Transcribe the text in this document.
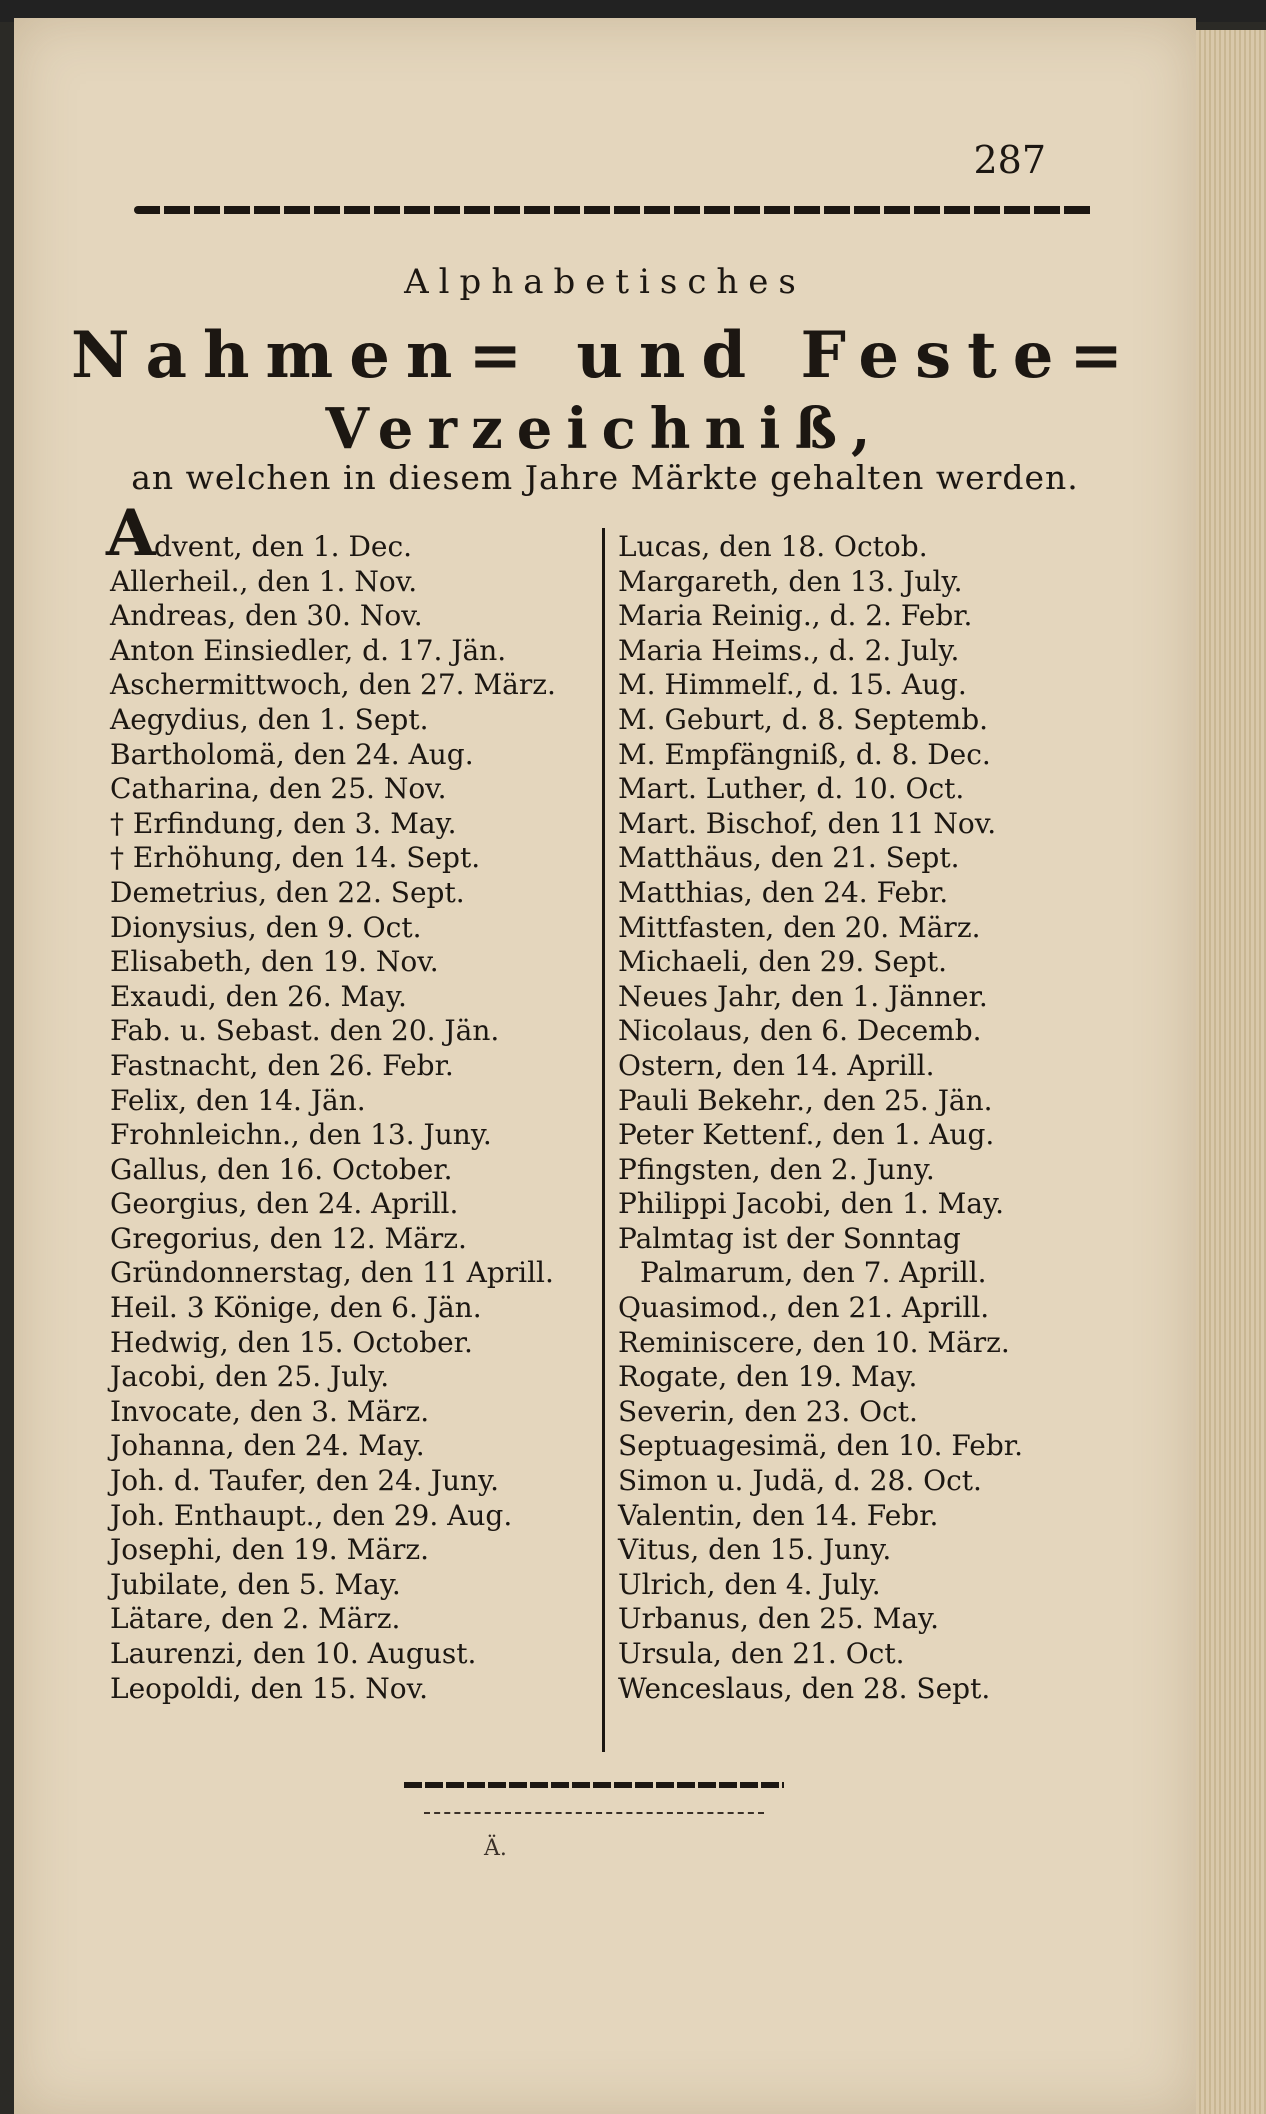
287
Alphabetisches
Nahmen= und Feste=
Verzeichniß,
an welchen in diesem Jahre Märkte gehalten werden.
A
dvent, den 1. Dec.
Allerheil., den 1. Nov.
Andreas, den 30. Nov.
Anton Einsiedler, d. 17. Jän.
Aschermittwoch, den 27. März.
Aegydius, den 1. Sept.
Bartholomä, den 24. Aug.
Catharina, den 25. Nov.
† Erfindung, den 3. May.
† Erhöhung, den 14. Sept.
Demetrius, den 22. Sept.
Dionysius, den 9. Oct.
Elisabeth, den 19. Nov.
Exaudi, den 26. May.
Fab. u. Sebast. den 20. Jän.
Fastnacht, den 26. Febr.
Felix, den 14. Jän.
Frohnleichn., den 13. Juny.
Gallus, den 16. October.
Georgius, den 24. Aprill.
Gregorius, den 12. März.
Gründonnerstag, den 11 Aprill.
Heil. 3 Könige, den 6. Jän.
Hedwig, den 15. October.
Jacobi, den 25. July.
Invocate, den 3. März.
Johanna, den 24. May.
Joh. d. Taufer, den 24. Juny.
Joh. Enthaupt., den 29. Aug.
Josephi, den 19. März.
Jubilate, den 5. May.
Lätare, den 2. März.
Laurenzi, den 10. August.
Leopoldi, den 15. Nov.
Lucas, den 18. Octob.
Margareth, den 13. July.
Maria Reinig., d. 2. Febr.
Maria Heims., d. 2. July.
M. Himmelf., d. 15. Aug.
M. Geburt, d. 8. Septemb.
M. Empfängniß, d. 8. Dec.
Mart. Luther, d. 10. Oct.
Mart. Bischof, den 11 Nov.
Matthäus, den 21. Sept.
Matthias, den 24. Febr.
Mittfasten, den 20. März.
Michaeli, den 29. Sept.
Neues Jahr, den 1. Jänner.
Nicolaus, den 6. Decemb.
Ostern, den 14. Aprill.
Pauli Bekehr., den 25. Jän.
Peter Kettenf., den 1. Aug.
Pfingsten, den 2. Juny.
Philippi Jacobi, den 1. May.
Palmtag ist der Sonntag
Palmarum, den 7. Aprill.
Quasimod., den 21. Aprill.
Reminiscere, den 10. März.
Rogate, den 19. May.
Severin, den 23. Oct.
Septuagesimä, den 10. Febr.
Simon u. Judä, d. 28. Oct.
Valentin, den 14. Febr.
Vitus, den 15. Juny.
Ulrich, den 4. July.
Urbanus, den 25. May.
Ursula, den 21. Oct.
Wenceslaus, den 28. Sept.
Ä.
